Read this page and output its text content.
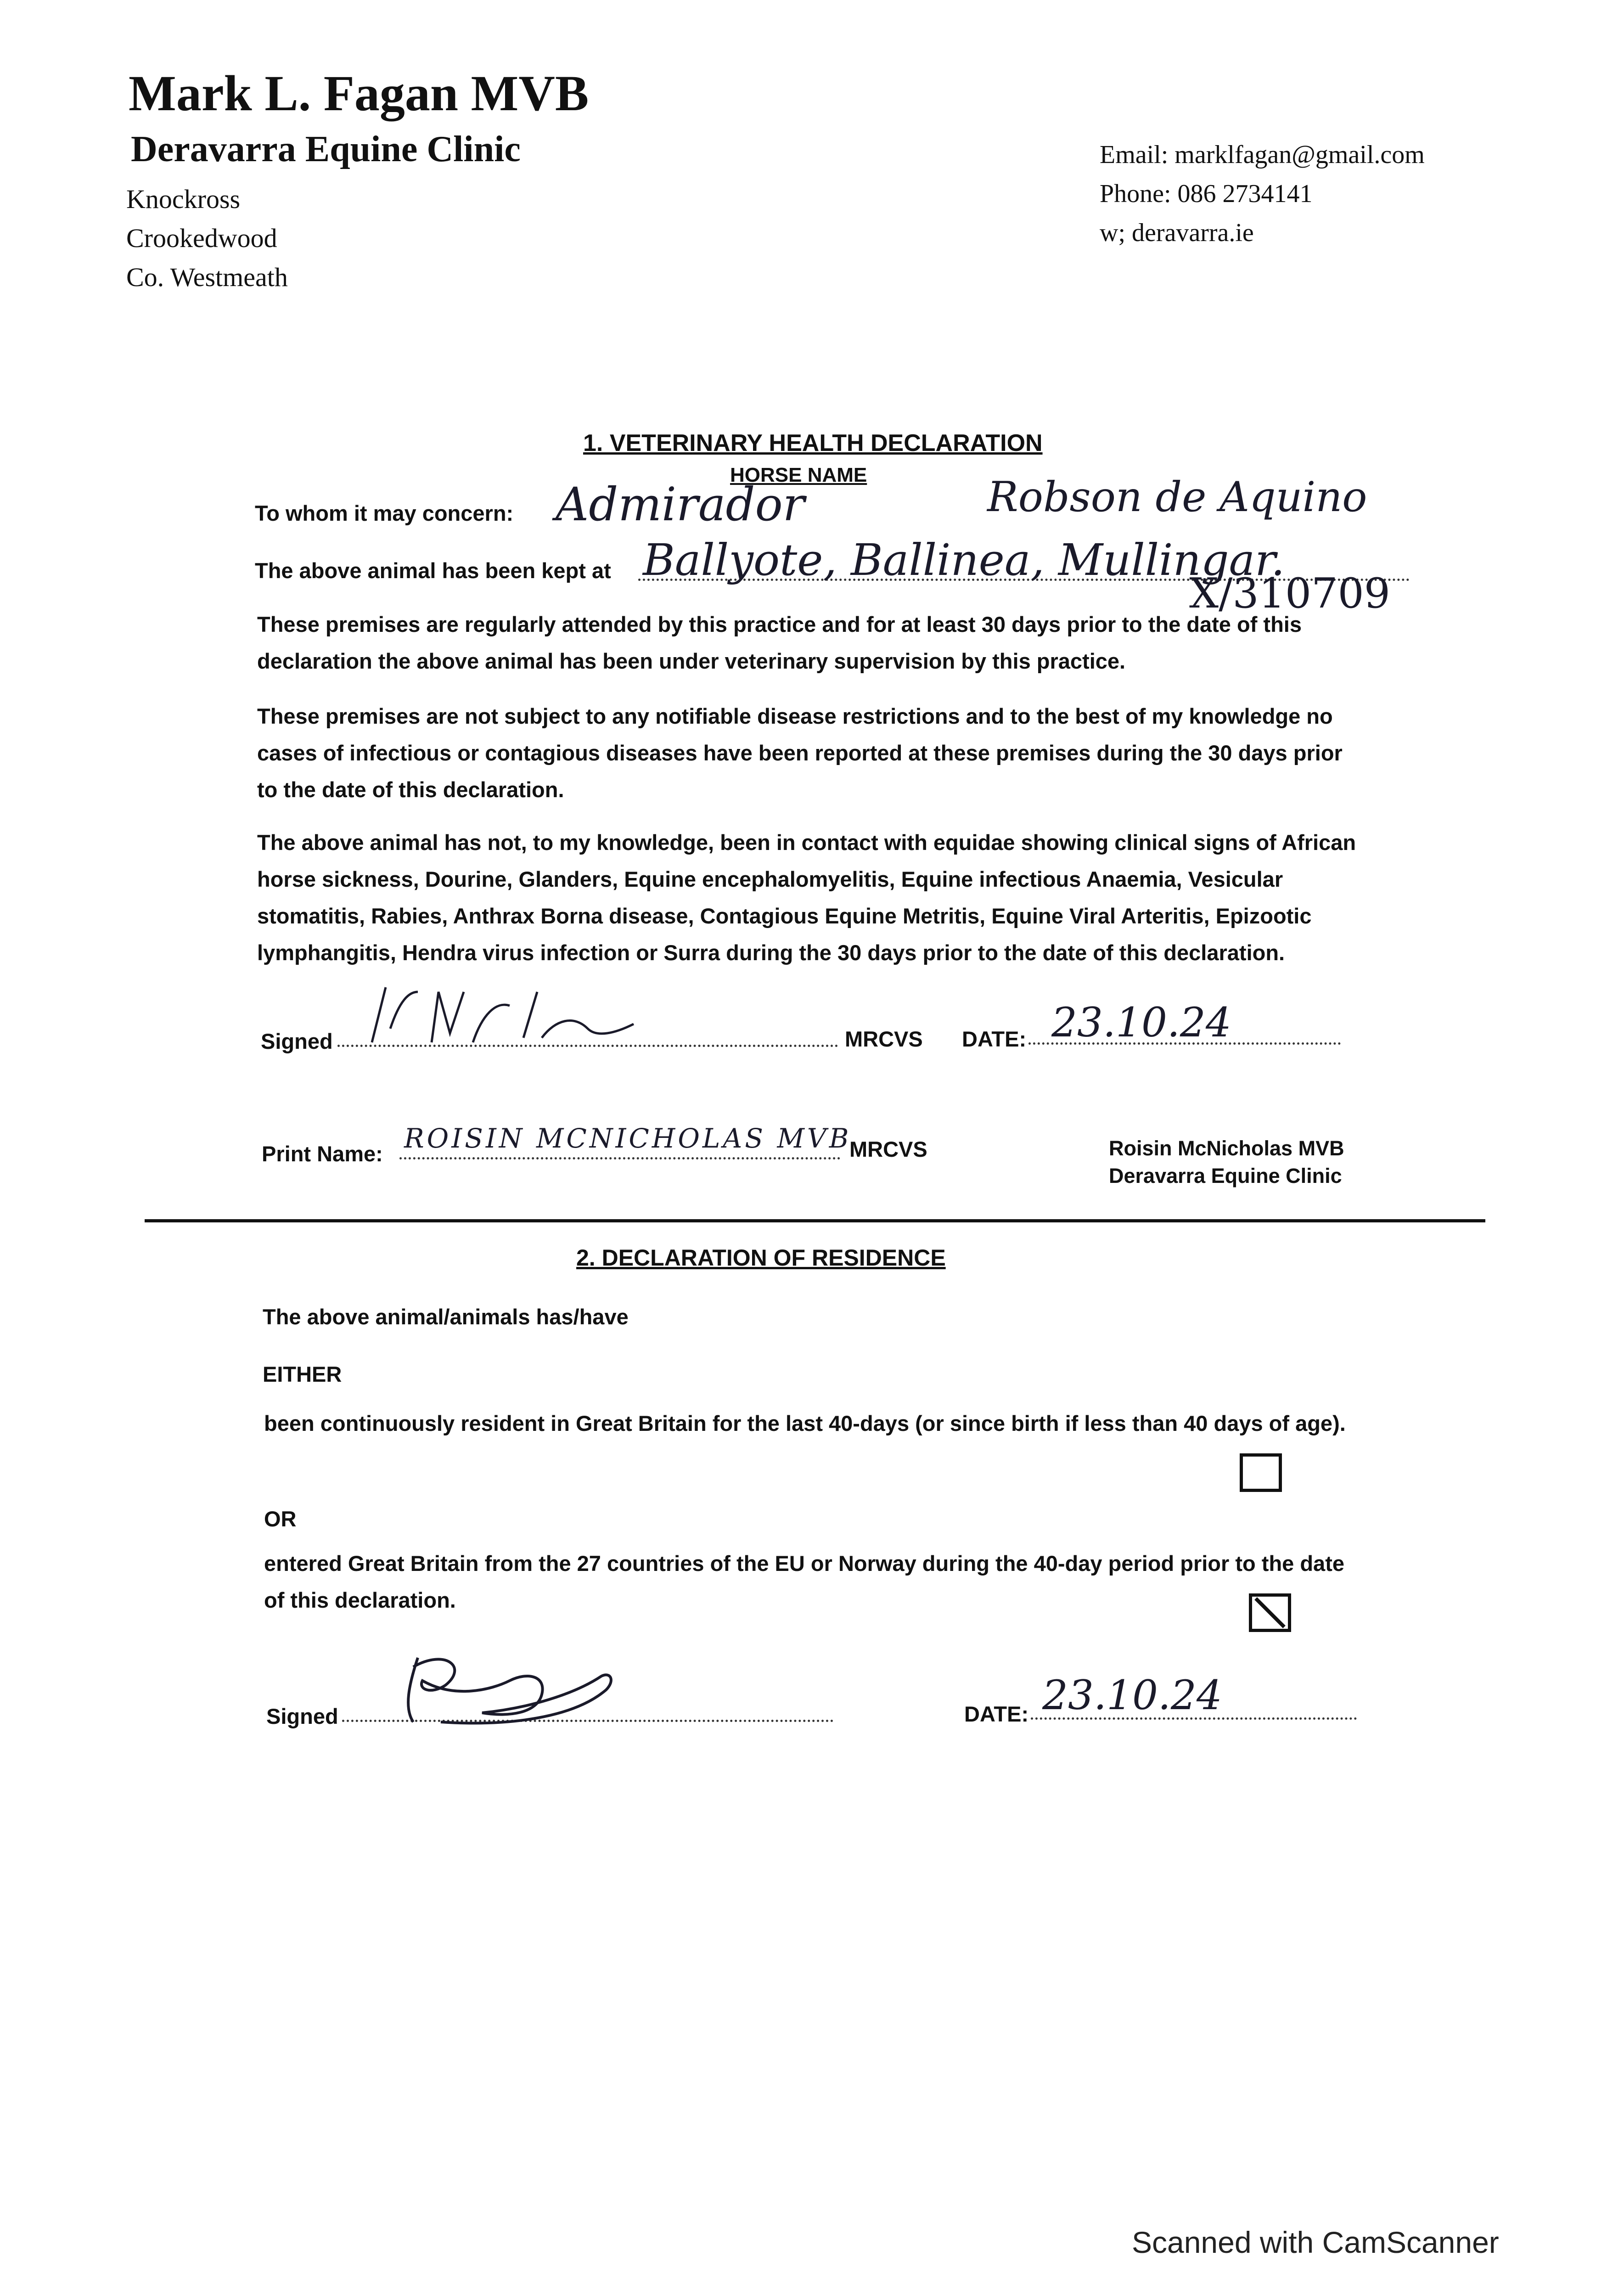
Mark L. Fagan MVB
Deravarra Equine Clinic
Knockross
Crookedwood
Co. Westmeath
Email: marklfagan@gmail.com
Phone: 086 2734141
w; deravarra.ie
1. VETERINARY HEALTH DECLARATION
HORSE NAME
To whom it may concern: Admirador	Robson de Aquino
The above animal has been kept at Ballyote, Ballinea, Mullingar.
X/310709
These premises are regularly attended by this practice and for at least 30 days prior to the date of this declaration the above animal has been under veterinary supervision by this practice.
These premises are not subject to any notifiable disease restrictions and to the best of my knowledge no cases of infectious or contagious diseases have been reported at these premises during the 30 days prior to the date of this declaration.
The above animal has not, to my knowledge, been in contact with equidae showing clinical signs of African horse sickness, Dourine, Glanders, Equine encephalomyelitis, Equine infectious Anaemia, Vesicular stomatitis, Rabies, Anthrax Borna disease, Contagious Equine Metritis, Equine Viral Arteritis, Epizootic lymphangitis, Hendra virus infection or Surra during the 30 days prior to the date of this declaration.
Signed	MRCVS DATE: 23.10.24
Print Name: ROISIN MCNICHOLAS MVB
MRCVS	Roisin McNicholas MVB
Deravarra Equine Clinic
2. DECLARATION OF RESIDENCE
The above animal/animals has/have
EITHER
been continuously resident in Great Britain for the last 40-days (or since birth if less than 40 days of age).
OR
entered Great Britain from the 27 countries of the EU or Norway during the 40-day period prior to the date of this declaration.
Signed	DATE: 23.10.24
Scanned with CamScanner
